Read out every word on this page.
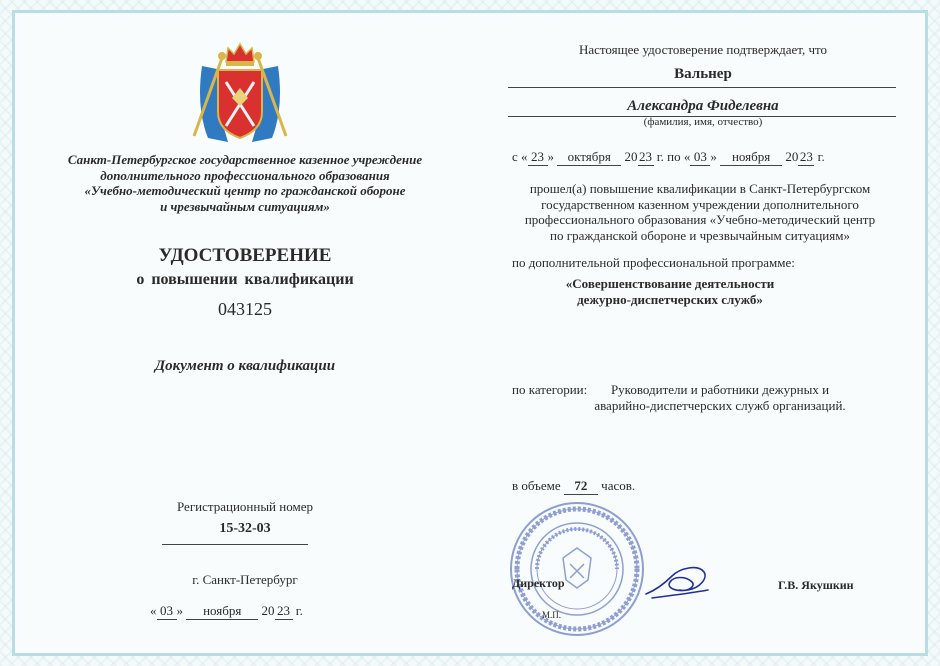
Санкт-Петербургское государственное казенное учреждение
дополнительного профессионального образования
«Учебно-методический центр по гражданской обороне
и чрезвычайным ситуациям»
УДОСТОВЕРЕНИЕ
о повышении квалификации
043125
Документ о квалификации
Регистрационный номер
15-32-03
г. Санкт-Петербург
« 03 » ноября 20 23 г.
Настоящее удостоверение подтверждает, что
Вальнер
Александра Фиделевна
(фамилия, имя, отчество)
с « 23 » октября 20 23 г. по « 03 » ноября 20 23 г.
прошел(а) повышение квалификации в Санкт-Петербургском
государственном казенном учреждении дополнительного
профессионального образования «Учебно-методический центр
по гражданской обороне и чрезвычайным ситуациям»
по дополнительной профессиональной программе:
«Совершенствование деятельности
дежурно-диспетчерских служб»
по категории:	Руководители и работники дежурных и
аварийно-диспетчерских служб организаций.
в объеме 72 часов.
Директор
М.П.
Г.В. Якушкин
